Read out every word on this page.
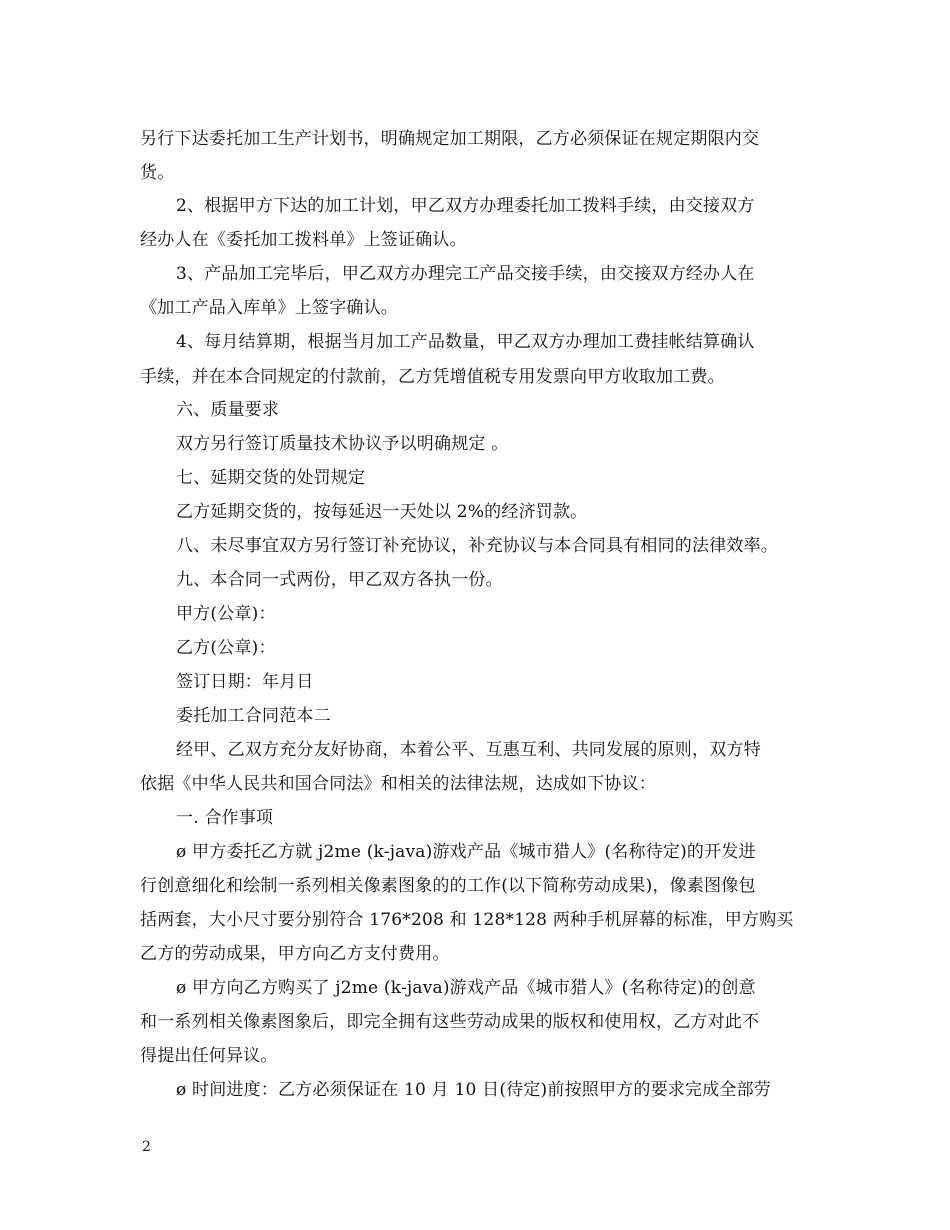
另行下达委托加工生产计划书，明确规定加工期限，乙方必须保证在规定期限内交
货。
2、根据甲方下达的加工计划，甲乙双方办理委托加工拨料手续，由交接双方
经办人在《委托加工拨料单》上签证确认。
3、产品加工完毕后，甲乙双方办理完工产品交接手续，由交接双方经办人在
《加工产品入库单》上签字确认。
4、每月结算期，根据当月加工产品数量，甲乙双方办理加工费挂帐结算确认
手续，并在本合同规定的付款前，乙方凭增值税专用发票向甲方收取加工费。
六、质量要求
双方另行签订质量技术协议予以明确规定 。
七、延期交货的处罚规定
乙方延期交货的，按每延迟一天处以 2%的经济罚款。
八、未尽事宜双方另行签订补充协议，补充协议与本合同具有相同的法律效率。
九、本合同一式两份，甲乙双方各执一份。
甲方(公章)：
乙方(公章)：
签订日期：年月日
委托加工合同范本二
经甲、乙双方充分友好协商，本着公平、互惠互利、共同发展的原则，双方特
依据《中华人民共和国合同法》和相关的法律法规，达成如下协议：
一. 合作事项
ø 甲方委托乙方就 j2me (k-java)游戏产品《城市猎人》(名称待定)的开发进
行创意细化和绘制一系列相关像素图象的的工作(以下简称劳动成果)，像素图像包
括两套，大小尺寸要分别符合 176*208 和 128*128 两种手机屏幕的标准，甲方购买
乙方的劳动成果，甲方向乙方支付费用。
ø 甲方向乙方购买了 j2me (k-java)游戏产品《城市猎人》(名称待定)的创意
和一系列相关像素图象后，即完全拥有这些劳动成果的版权和使用权，乙方对此不
得提出任何异议。
ø 时间进度：乙方必须保证在 10 月 10 日(待定)前按照甲方的要求完成全部劳
2
